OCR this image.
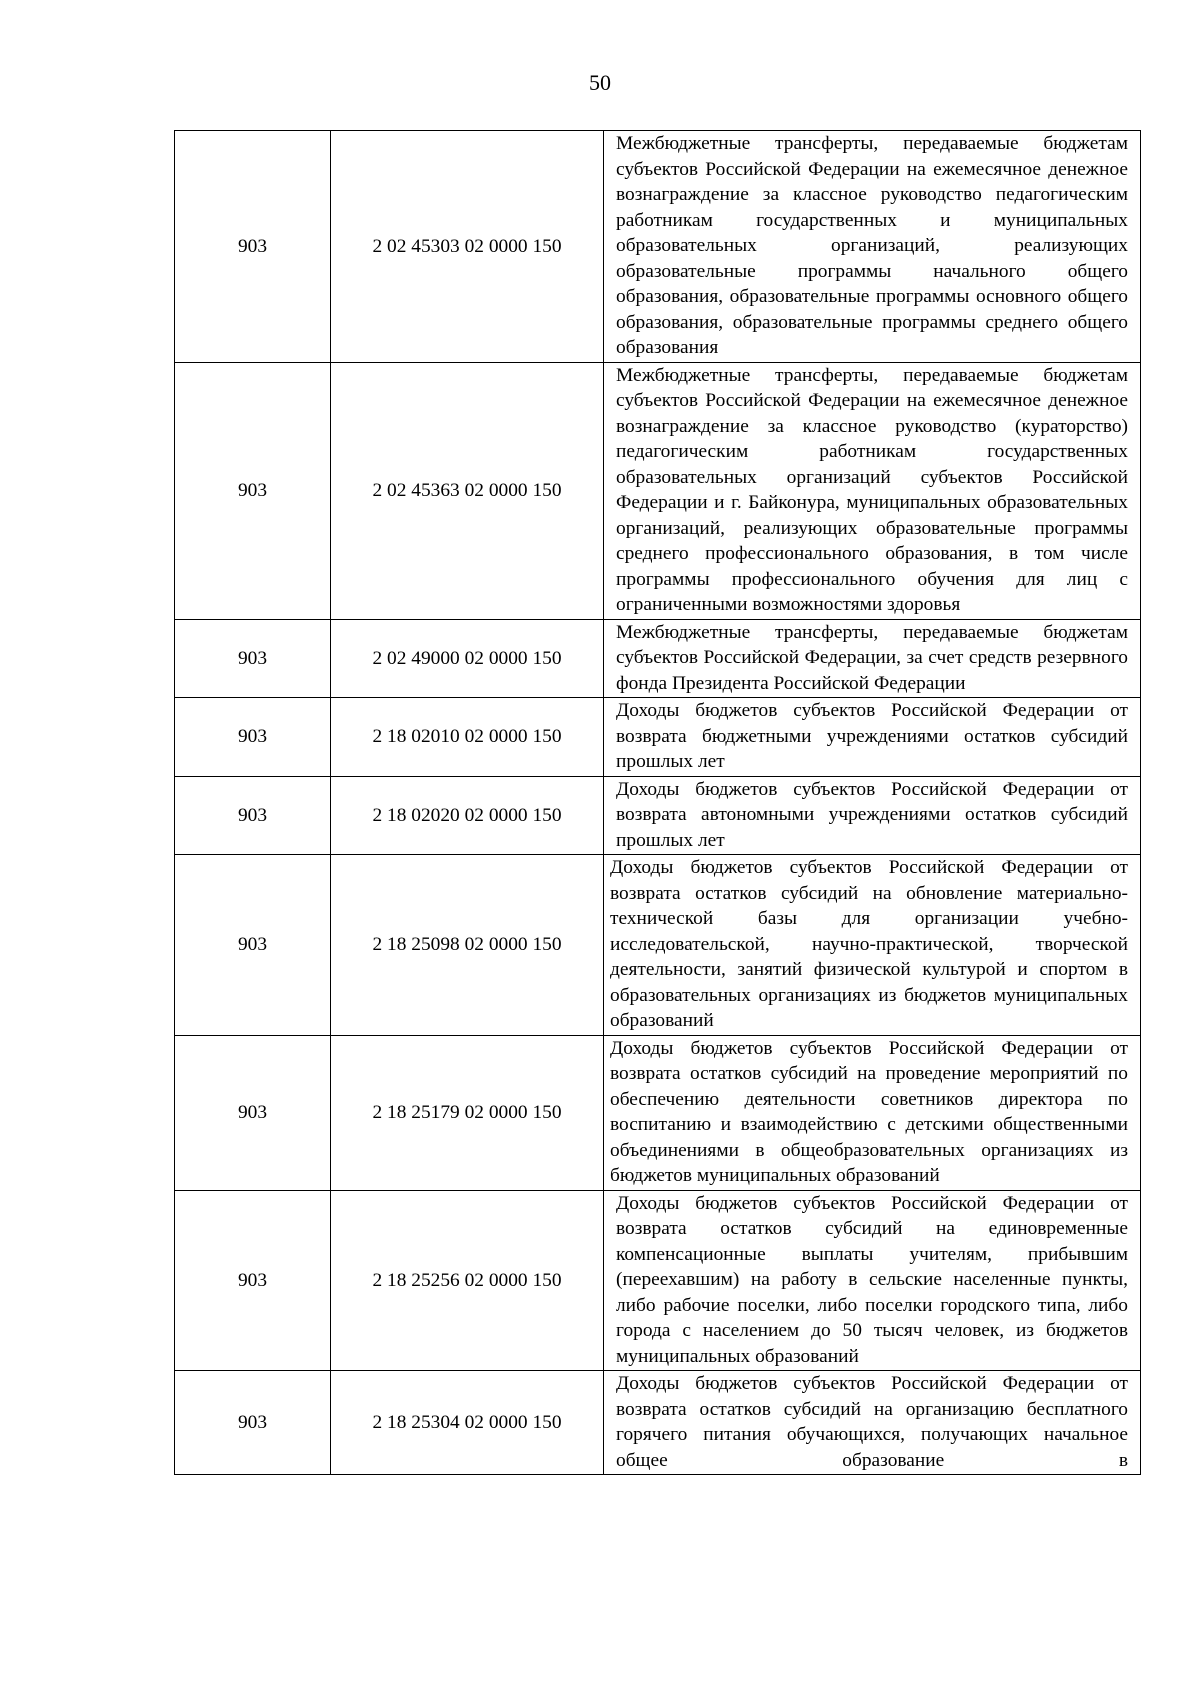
50
903	2 02 45303 02 0000 150	Межбюджетные трансферты, передаваемые бюджетам субъектов Российской Федерации на ежемесячное денежное вознаграждение за классное руководство педагогическим работникам государственных и муниципальных образовательных организаций, реализующих образовательные программы начального общего образования, образовательные программы основного общего образования, образовательные программы среднего общего образования
903	2 02 45363 02 0000 150	Межбюджетные трансферты, передаваемые бюджетам субъектов Российской Федерации на ежемесячное денежное вознаграждение за классное руководство (кураторство) педагогическим работникам государственных образовательных организаций субъектов Российской Федерации и г. Байконура, муниципальных образовательных организаций, реализующих образовательные программы среднего профессионального образования, в том числе программы профессионального обучения для лиц с ограниченными возможностями здоровья
903	2 02 49000 02 0000 150	Межбюджетные трансферты, передаваемые бюджетам субъектов Российской Федерации, за счет средств резервного фонда Президента Российской Федерации
903	2 18 02010 02 0000 150	Доходы бюджетов субъектов Российской Федерации от возврата бюджетными учреждениями остатков субсидий прошлых лет
903	2 18 02020 02 0000 150	Доходы бюджетов субъектов Российской Федерации от возврата автономными учреждениями остатков субсидий прошлых лет
903	2 18 25098 02 0000 150	Доходы бюджетов субъектов Российской Федерации от возврата остатков субсидий на обновление материально-технической базы для организации учебно-исследовательской, научно-практической, творческой деятельности, занятий физической культурой и спортом в образовательных организациях из бюджетов муниципальных образований
903	2 18 25179 02 0000 150	Доходы бюджетов субъектов Российской Федерации от возврата остатков субсидий на проведение мероприятий по обеспечению деятельности советников директора по воспитанию и взаимодействию с детскими общественными объединениями в общеобразовательных организациях из бюджетов муниципальных образований
903	2 18 25256 02 0000 150	Доходы бюджетов субъектов Российской Федерации от возврата остатков субсидий на единовременные компенсационные выплаты учителям, прибывшим (переехавшим) на работу в сельские населенные пункты, либо рабочие поселки, либо поселки городского типа, либо города с населением до 50 тысяч человек, из бюджетов муниципальных образований
903	2 18 25304 02 0000 150	Доходы бюджетов субъектов Российской Федерации от возврата остатков субсидий на организацию бесплатного горячего питания обучающихся, получающих начальное общее образование в
